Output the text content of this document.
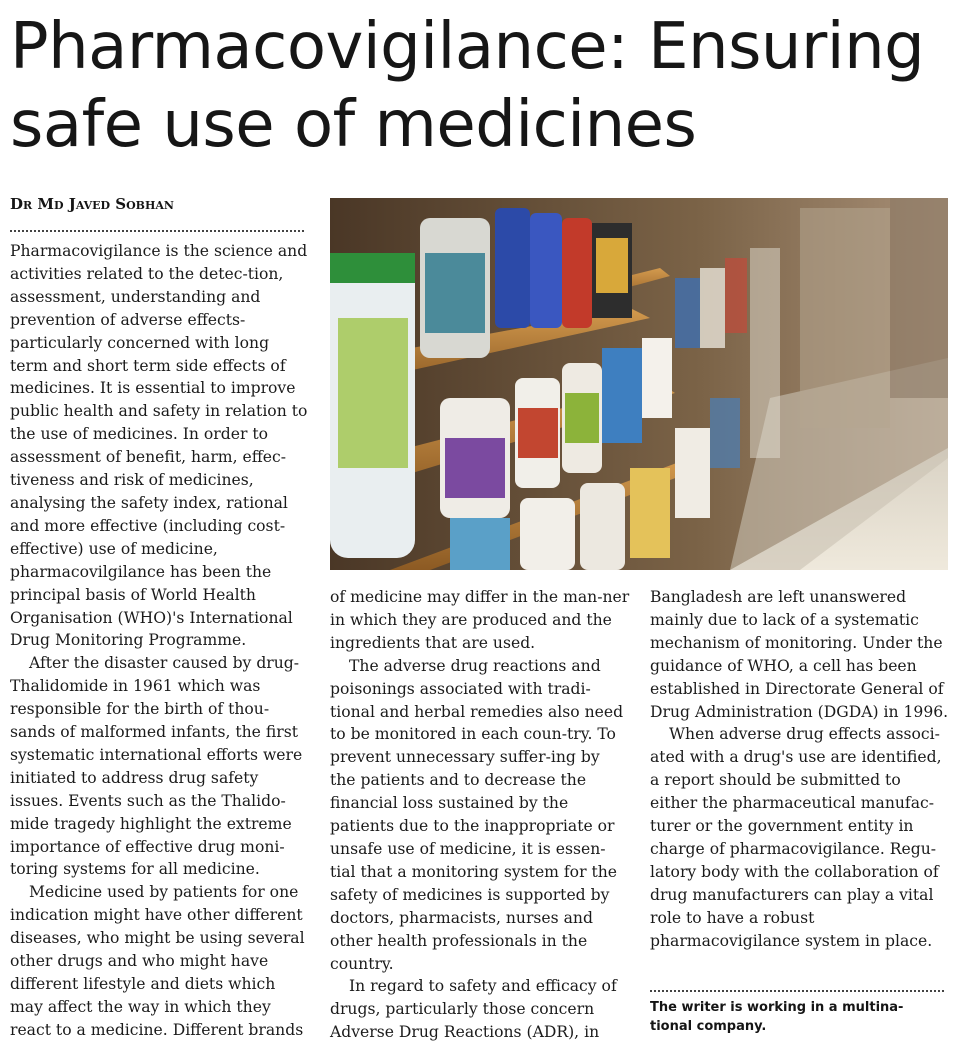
Pharmacovigilance: Ensuring
safe use of medicines
Dr Md Javed Sobhan

Pharmacovigilance is the science and activities related to the detec-tion, assessment, understanding and prevention of adverse effects-particularly concerned with long term and short term side effects of medicines. It is essential to improve public health and safety in relation to the use of medicines. In order to assessment of benefit, harm, effec-tiveness and risk of medicines, analysing the safety index, rational and more effective (including cost-effective) use of medicine, pharmacovilgilance has been the principal basis of World Health Organisation (WHO)'s International Drug Monitoring Programme.

After the disaster caused by drug-Thalidomide in 1961 which was responsible for the birth of thou-sands of malformed infants, the first systematic international efforts were initiated to address drug safety issues. Events such as the Thalido-mide tragedy highlight the extreme importance of effective drug moni-toring systems for all medicine.

Medicine used by patients for one indication might have other different diseases, who might be using several other drugs and who might have different lifestyle and diets which may affect the way in which they react to a medicine. Different brands

of medicine may differ in the man-ner in which they are produced and the ingredients that are used.

The adverse drug reactions and poisonings associated with tradi-tional and herbal remedies also need to be monitored in each coun-try. To prevent unnecessary suffer-ing by the patients and to decrease the financial loss sustained by the patients due to the inappropriate or unsafe use of medicine, it is essen-tial that a monitoring system for the safety of medicines is supported by doctors, pharmacists, nurses and other health professionals in the country.

In regard to safety and efficacy of drugs, particularly those concern Adverse Drug Reactions (ADR), in

Bangladesh are left unanswered mainly due to lack of a systematic mechanism of monitoring. Under the guidance of WHO, a cell has been established in Directorate General of Drug Administration (DGDA) in 1996.

When adverse drug effects associ-ated with a drug's use are identified, a report should be submitted to either the pharmaceutical manufac-turer or the government entity in charge of pharmacovigilance. Regu-latory body with the collaboration of drug manufacturers can play a vital role to have a robust pharmacovigilance system in place.

The writer is working in a multina-tional company.
